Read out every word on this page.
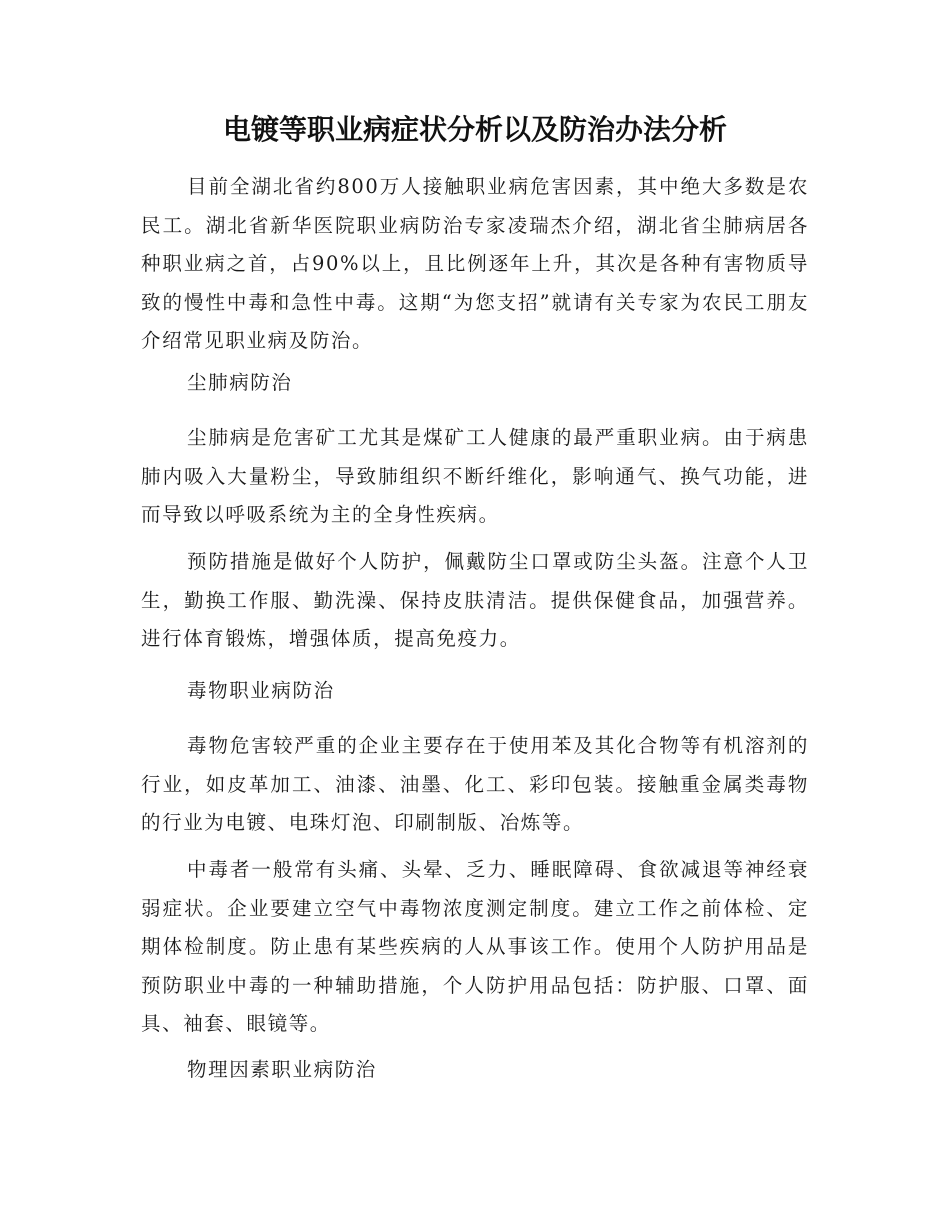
电镀等职业病症状分析以及防治办法分析

目前全湖北省约800万人接触职业病危害因素，其中绝大多数是农民工。湖北省新华医院职业病防治专家凌瑞杰介绍，湖北省尘肺病居各种职业病之首，占90%以上，且比例逐年上升，其次是各种有害物质导致的慢性中毒和急性中毒。这期“为您支招”就请有关专家为农民工朋友介绍常见职业病及防治。

尘肺病防治

尘肺病是危害矿工尤其是煤矿工人健康的最严重职业病。由于病患肺内吸入大量粉尘，导致肺组织不断纤维化，影响通气、换气功能，进而导致以呼吸系统为主的全身性疾病。

预防措施是做好个人防护，佩戴防尘口罩或防尘头盔。注意个人卫生，勤换工作服、勤洗澡、保持皮肤清洁。提供保健食品，加强营养。进行体育锻炼，增强体质，提高免疫力。

毒物职业病防治

毒物危害较严重的企业主要存在于使用苯及其化合物等有机溶剂的行业，如皮革加工、油漆、油墨、化工、彩印包装。接触重金属类毒物的行业为电镀、电珠灯泡、印刷制版、冶炼等。

中毒者一般常有头痛、头晕、乏力、睡眠障碍、食欲减退等神经衰弱症状。企业要建立空气中毒物浓度测定制度。建立工作之前体检、定期体检制度。防止患有某些疾病的人从事该工作。使用个人防护用品是预防职业中毒的一种辅助措施，个人防护用品包括：防护服、口罩、面具、袖套、眼镜等。

物理因素职业病防治
